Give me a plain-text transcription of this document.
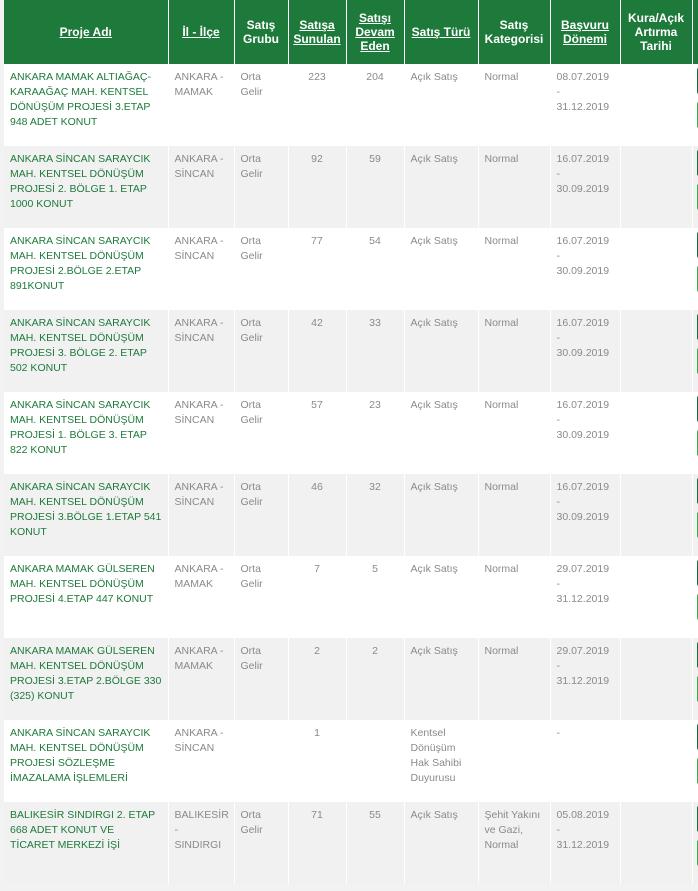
Proje Adı	İl - İlçe	Satış Grubu	Satışa Sunulan	Satışı Devam Eden	Satış Türü	Satış Kategorisi	Başvuru Dönemi	Kura/Açık Artırma Tarihi	
ANKARA MAMAK ALTIAĞAÇ-KARAAĞAÇ MAH. KENTSEL DÖNÜŞÜM PROJESİ 3.ETAP 948 ADET KONUT	ANKARA - MAMAK	Orta Gelir	223	204	Açık Satış	Normal	08.07.2019 - 31.12.2019		

ANKARA SİNCAN SARAYCIK MAH. KENTSEL DÖNÜŞÜM PROJESİ 2. BÖLGE 1. ETAP 1000 KONUT	ANKARA - SİNCAN	Orta Gelir	92	59	Açık Satış	Normal	16.07.2019 - 30.09.2019		

ANKARA SİNCAN SARAYCIK MAH. KENTSEL DÖNÜŞÜM PROJESİ 2.BÖLGE 2.ETAP 891KONUT	ANKARA - SİNCAN	Orta Gelir	77	54	Açık Satış	Normal	16.07.2019 - 30.09.2019		

ANKARA SİNCAN SARAYCIK MAH. KENTSEL DÖNÜŞÜM PROJESİ 3. BÖLGE 2. ETAP 502 KONUT	ANKARA - SİNCAN	Orta Gelir	42	33	Açık Satış	Normal	16.07.2019 - 30.09.2019		

ANKARA SİNCAN SARAYCIK MAH. KENTSEL DÖNÜŞÜM PROJESİ 1. BÖLGE 3. ETAP 822 KONUT	ANKARA - SİNCAN	Orta Gelir	57	23	Açık Satış	Normal	16.07.2019 - 30.09.2019		

ANKARA SİNCAN SARAYCIK MAH. KENTSEL DÖNÜŞÜM PROJESİ 3.BÖLGE 1.ETAP 541 KONUT	ANKARA - SİNCAN	Orta Gelir	46	32	Açık Satış	Normal	16.07.2019 - 30.09.2019		

ANKARA MAMAK GÜLSEREN MAH. KENTSEL DÖNÜŞÜM PROJESİ 4.ETAP 447 KONUT	ANKARA - MAMAK	Orta Gelir	7	5	Açık Satış	Normal	29.07.2019 - 31.12.2019		

ANKARA MAMAK GÜLSEREN MAH. KENTSEL DÖNÜŞÜM PROJESİ 3.ETAP 2.BÖLGE 330 (325) KONUT	ANKARA - MAMAK	Orta Gelir	2	2	Açık Satış	Normal	29.07.2019 - 31.12.2019		

ANKARA SİNCAN SARAYCIK MAH. KENTSEL DÖNÜŞÜM PROJESİ SÖZLEŞME İMAZALAMA İŞLEMLERİ	ANKARA - SİNCAN		1		Kentsel Dönüşüm Hak Sahibi Duyurusu		-		

BALIKESİR SINDIRGI 2. ETAP 668 ADET KONUT VE TİCARET MERKEZİ İŞİ	BALIKESİR - SINDIRGI	Orta Gelir	71	55	Açık Satış	Şehit Yakını ve Gazi, Normal	05.08.2019 - 31.12.2019		
